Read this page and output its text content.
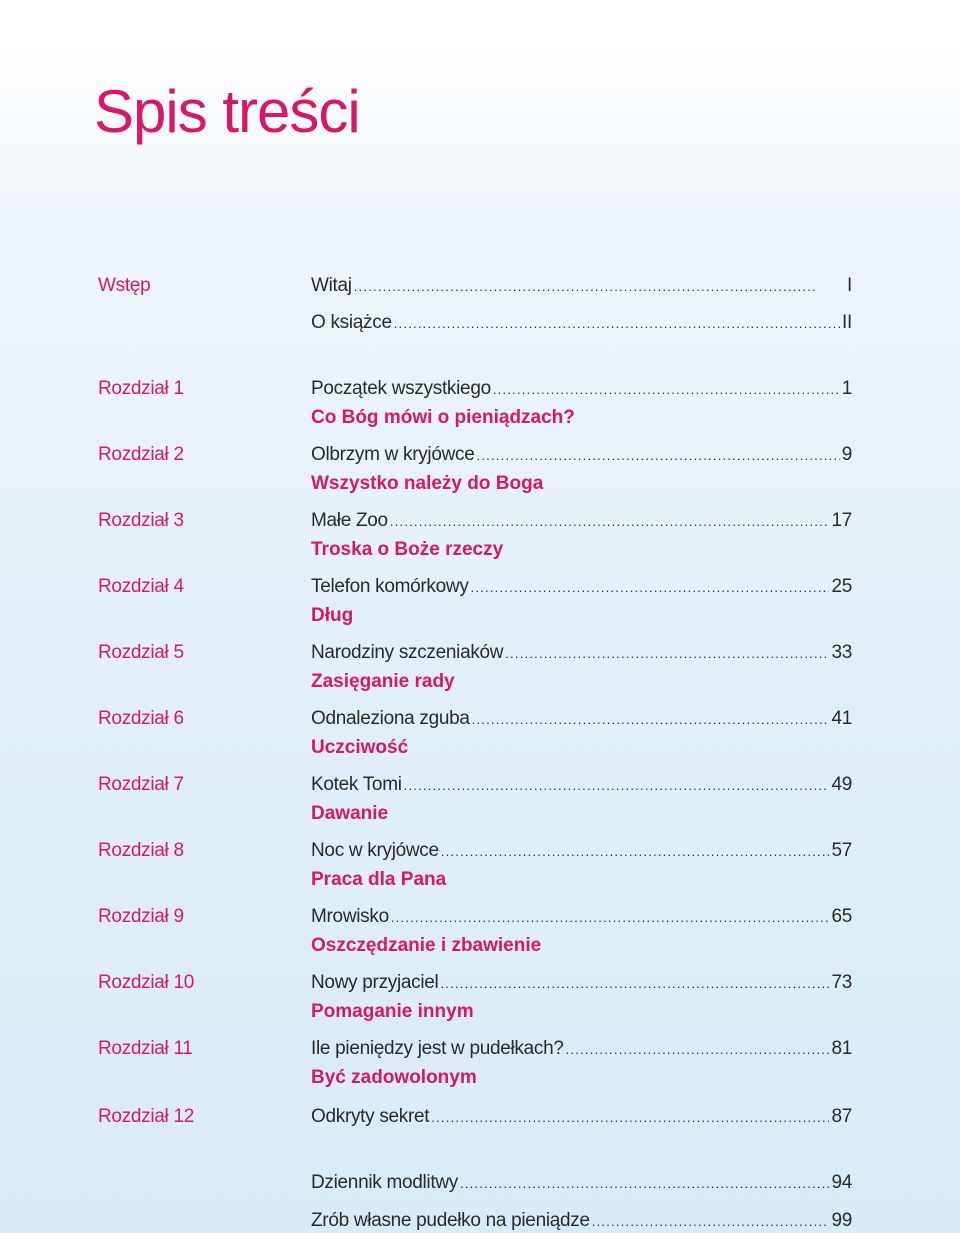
Spis treści
Wstęp	Witaj . . .	I
O książce . . .	II
Rozdział 1	Początek wszystkiego . . .	1
Co Bóg mówi o pieniądzach?
Rozdział 2	Olbrzym w kryjówce . . .	9
Wszystko należy do Boga
Rozdział 3	Małe Zoo . . .	17
Troska o Boże rzeczy
Rozdział 4	Telefon komórkowy . . .	25
Dług
Rozdział 5	Narodziny szczeniaków . . .	33
Zasięganie rady
Rozdział 6	Odnaleziona zguba . . .	41
Uczciwość
Rozdział 7	Kotek Tomi . . .	49
Dawanie
Rozdział 8	Noc w kryjówce . . .	57
Praca dla Pana
Rozdział 9	Mrowisko . . .	65
Oszczędzanie i zbawienie
Rozdział 10	Nowy przyjaciel . . .	73
Pomaganie innym
Rozdział 11	Ile pieniędzy jest w pudełkach? . . .	81
Być zadowolonym
Rozdział 12	Odkryty sekret . . .	87
Dziennik modlitwy . . .	94
Zrób własne pudełko na pieniądze . . .	99
